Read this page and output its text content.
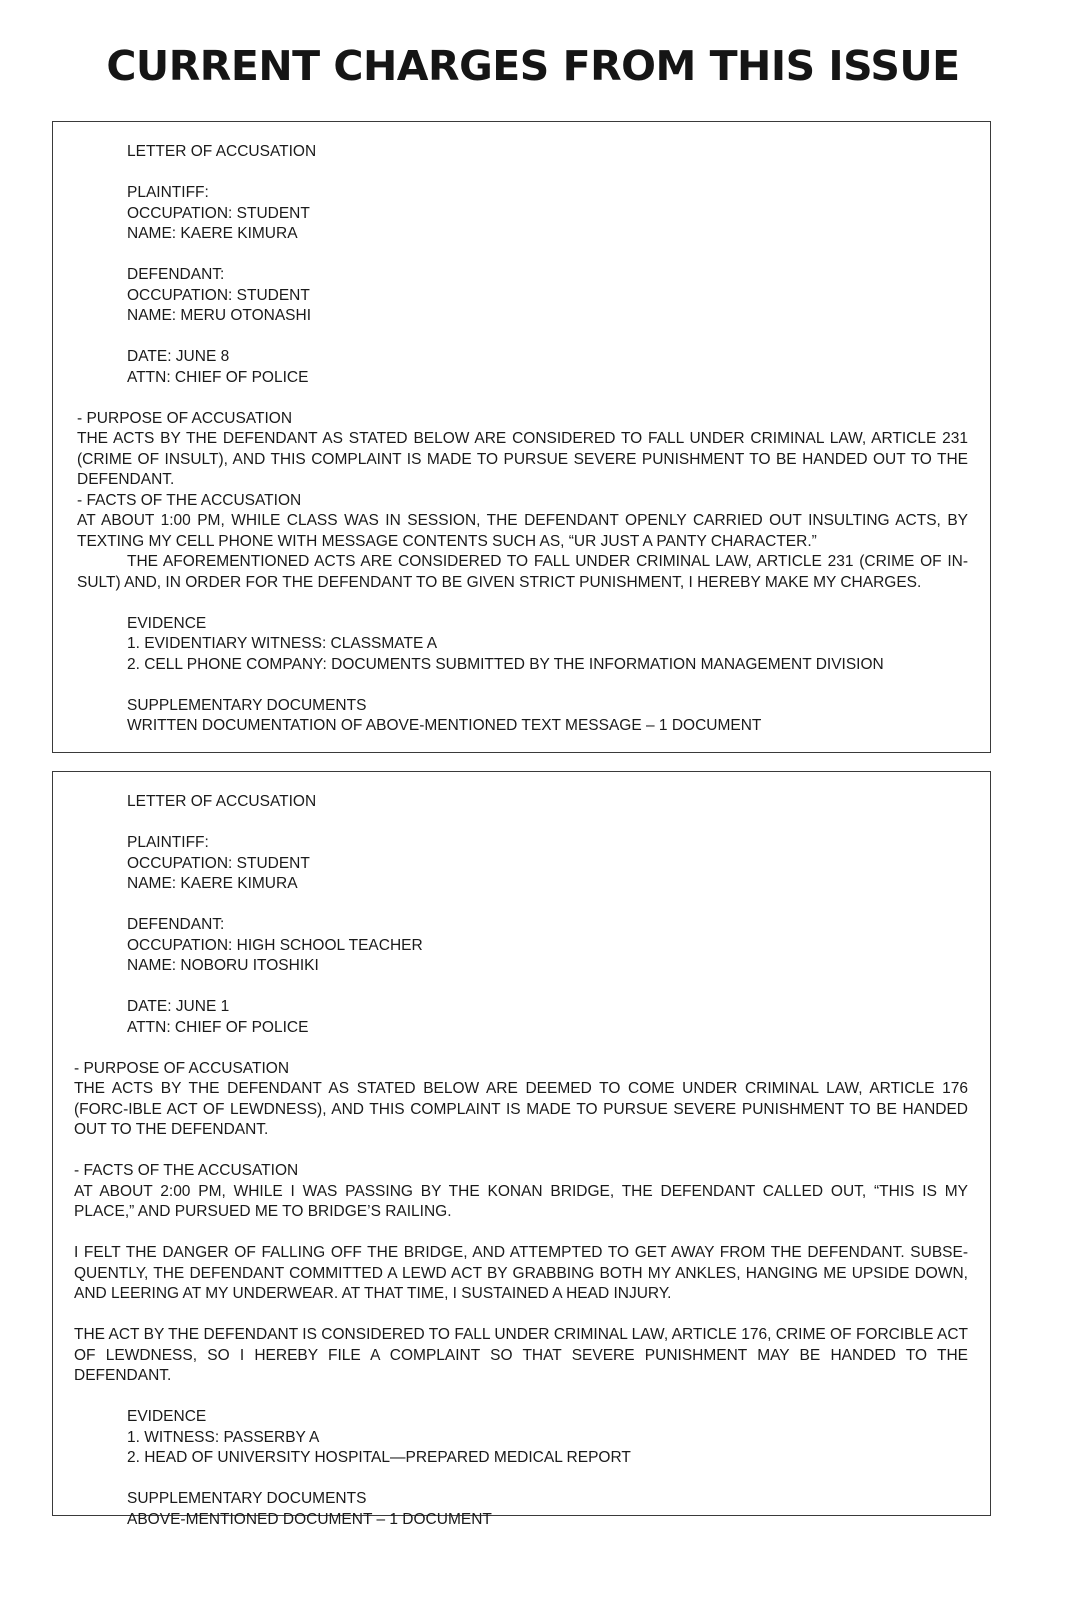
CURRENT CHARGES FROM THIS ISSUE
LETTER OF ACCUSATION
PLAINTIFF:
OCCUPATION: STUDENT
NAME: KAERE KIMURA
DEFENDANT:
OCCUPATION: STUDENT
NAME: MERU OTONASHI
DATE: JUNE 8
ATTN: CHIEF OF POLICE
- PURPOSE OF ACCUSATION
THE ACTS BY THE DEFENDANT AS STATED BELOW ARE CONSIDERED TO FALL UNDER CRIMINAL LAW, ARTICLE 231 (CRIME OF INSULT), AND THIS COMPLAINT IS MADE TO PURSUE SEVERE PUNISHMENT TO BE HANDED OUT TO THE DEFENDANT.
- FACTS OF THE ACCUSATION
AT ABOUT 1:00 PM, WHILE CLASS WAS IN SESSION, THE DEFENDANT OPENLY CARRIED OUT INSULTING ACTS, BY TEXTING MY CELL PHONE WITH MESSAGE CONTENTS SUCH AS, “UR JUST A PANTY CHARACTER.”
THE AFOREMENTIONED ACTS ARE CONSIDERED TO FALL UNDER CRIMINAL LAW, ARTICLE 231 (CRIME OF IN-SULT) AND, IN ORDER FOR THE DEFENDANT TO BE GIVEN STRICT PUNISHMENT, I HEREBY MAKE MY CHARGES.
EVIDENCE
1. EVIDENTIARY WITNESS: CLASSMATE A
2. CELL PHONE COMPANY: DOCUMENTS SUBMITTED BY THE INFORMATION MANAGEMENT DIVISION
SUPPLEMENTARY DOCUMENTS
WRITTEN DOCUMENTATION OF ABOVE-MENTIONED TEXT MESSAGE – 1 DOCUMENT
LETTER OF ACCUSATION
PLAINTIFF:
OCCUPATION: STUDENT
NAME: KAERE KIMURA
DEFENDANT:
OCCUPATION: HIGH SCHOOL TEACHER
NAME: NOBORU ITOSHIKI
DATE: JUNE 1
ATTN: CHIEF OF POLICE
- PURPOSE OF ACCUSATION
THE ACTS BY THE DEFENDANT AS STATED BELOW ARE DEEMED TO COME UNDER CRIMINAL LAW, ARTICLE 176 (FORC-IBLE ACT OF LEWDNESS), AND THIS COMPLAINT IS MADE TO PURSUE SEVERE PUNISHMENT TO BE HANDED OUT TO THE DEFENDANT.
- FACTS OF THE ACCUSATION
AT ABOUT 2:00 PM, WHILE I WAS PASSING BY THE KONAN BRIDGE, THE DEFENDANT CALLED OUT, “THIS IS MY PLACE,” AND PURSUED ME TO BRIDGE’S RAILING.
I FELT THE DANGER OF FALLING OFF THE BRIDGE, AND ATTEMPTED TO GET AWAY FROM THE DEFENDANT. SUBSE-QUENTLY, THE DEFENDANT COMMITTED A LEWD ACT BY GRABBING BOTH MY ANKLES, HANGING ME UPSIDE DOWN, AND LEERING AT MY UNDERWEAR. AT THAT TIME, I SUSTAINED A HEAD INJURY.
THE ACT BY THE DEFENDANT IS CONSIDERED TO FALL UNDER CRIMINAL LAW, ARTICLE 176, CRIME OF FORCIBLE ACT OF LEWDNESS, SO I HEREBY FILE A COMPLAINT SO THAT SEVERE PUNISHMENT MAY BE HANDED TO THE DEFENDANT.
EVIDENCE
1. WITNESS: PASSERBY A
2. HEAD OF UNIVERSITY HOSPITAL—PREPARED MEDICAL REPORT
SUPPLEMENTARY DOCUMENTS
ABOVE-MENTIONED DOCUMENT – 1 DOCUMENT
